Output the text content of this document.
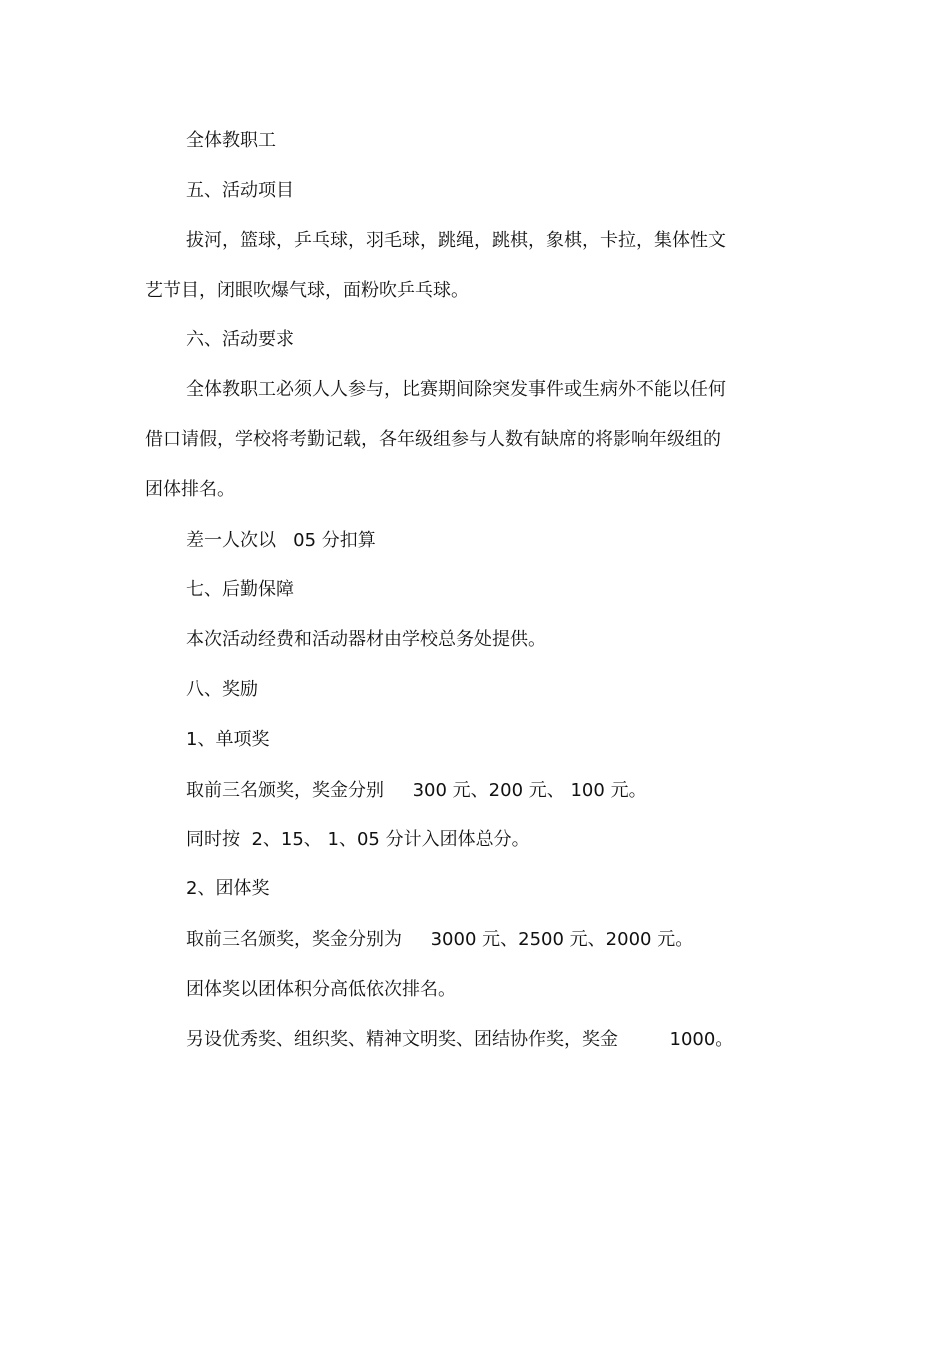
全体教职工
五、活动项目
拔河，篮球，乒乓球，羽毛球，跳绳，跳棋，象棋，卡拉，集体性文
艺节目，闭眼吹爆气球，面粉吹乒乓球。
六、活动要求
全体教职工必须人人参与，比赛期间除突发事件或生病外不能以任何
借口请假，学校将考勤记载，各年级组参与人数有缺席的将影响年级组的
团体排名。
差一人次以   05 分扣算
七、后勤保障
本次活动经费和活动器材由学校总务处提供。
八、奖励
1、单项奖
取前三名颁奖，奖金分别     300 元、200 元、 100 元。
同时按  2、15、 1、05 分计入团体总分。
2、团体奖
取前三名颁奖，奖金分别为     3000 元、2500 元、2000 元。
团体奖以团体积分高低依次排名。
另设优秀奖、组织奖、精神文明奖、团结协作奖，奖金         1000。
